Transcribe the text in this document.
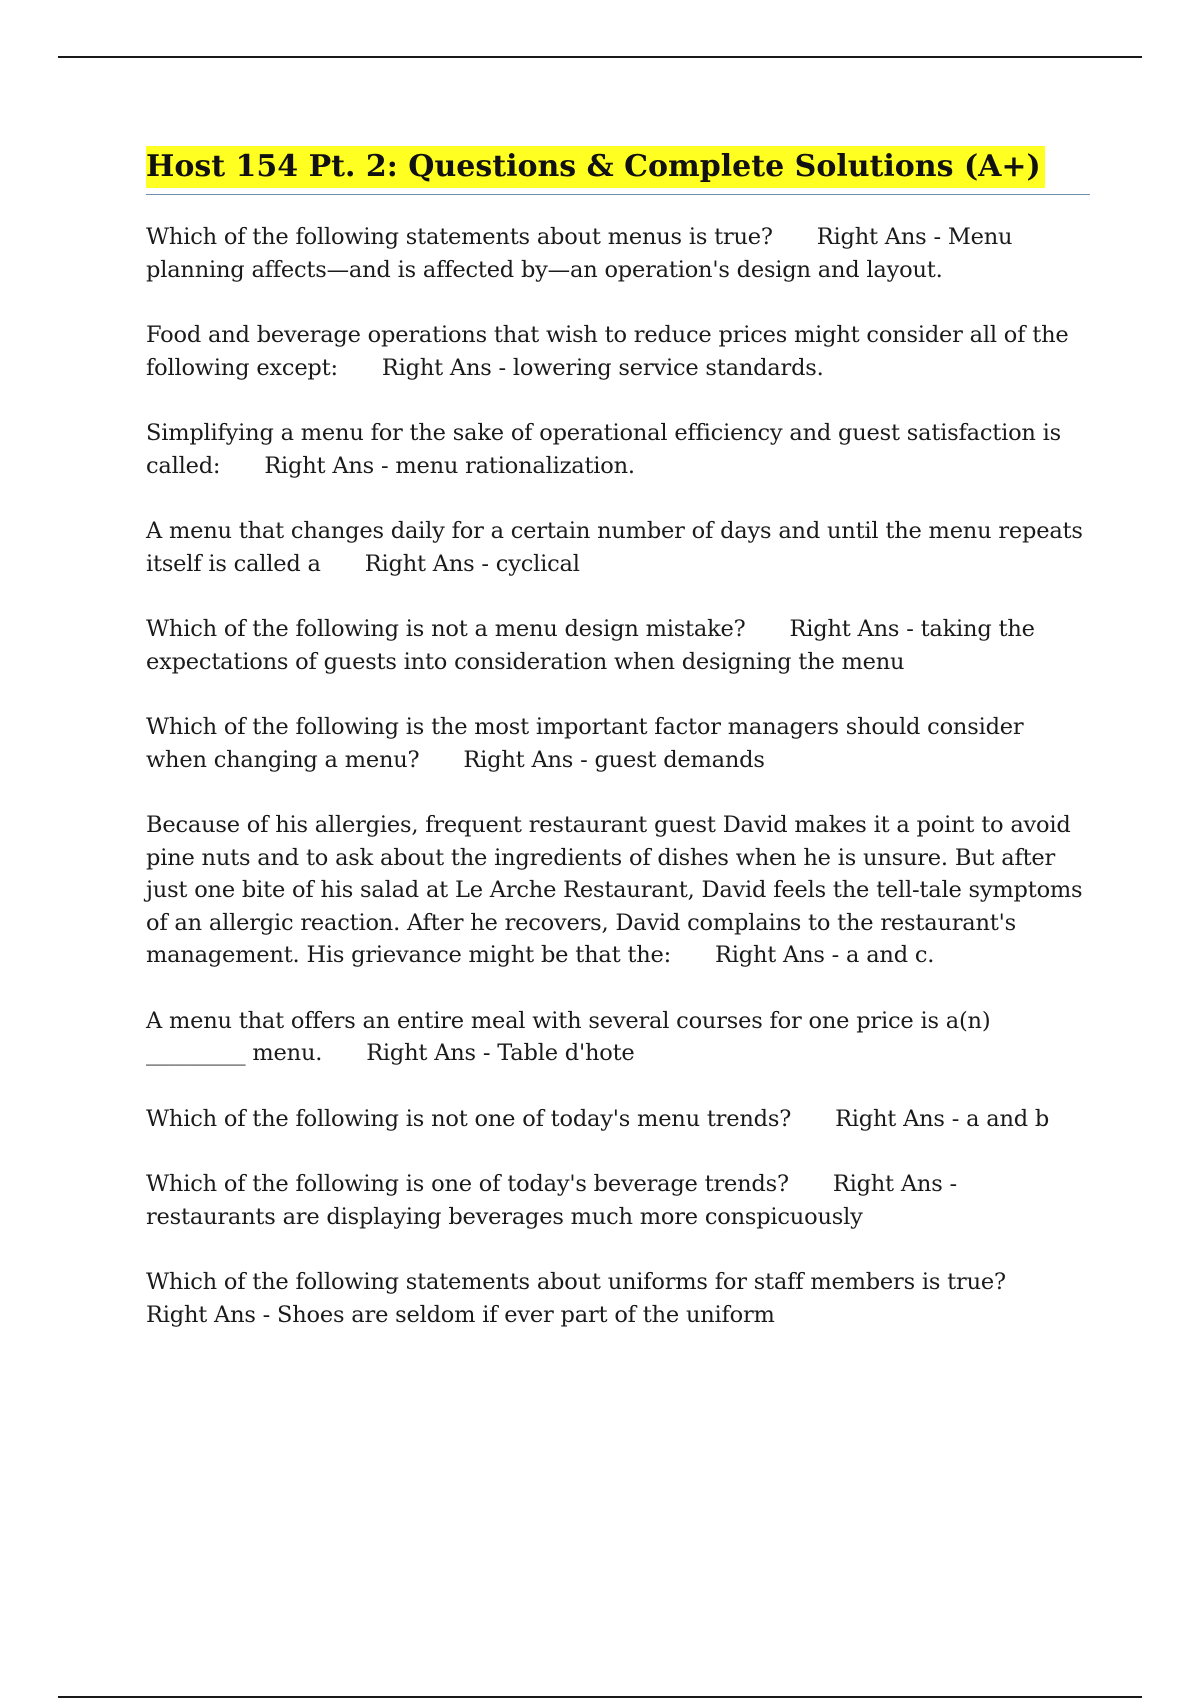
Host 154 Pt. 2: Questions & Complete Solutions (A+)
Which of the following statements about menus is true? Right Ans - Menu planning affects—and is affected by—an operation's design and layout.
Food and beverage operations that wish to reduce prices might consider all of the following except: Right Ans - lowering service standards.
Simplifying a menu for the sake of operational efficiency and guest satisfaction is called: Right Ans - menu rationalization.
A menu that changes daily for a certain number of days and until the menu repeats itself is called a Right Ans - cyclical
Which of the following is not a menu design mistake? Right Ans - taking the expectations of guests into consideration when designing the menu
Which of the following is the most important factor managers should consider when changing a menu? Right Ans - guest demands
Because of his allergies, frequent restaurant guest David makes it a point to avoid pine nuts and to ask about the ingredients of dishes when he is unsure. But after just one bite of his salad at Le Arche Restaurant, David feels the tell-tale symptoms of an allergic reaction. After he recovers, David complains to the restaurant's management. His grievance might be that the: Right Ans - a and c.
A menu that offers an entire meal with several courses for one price is a(n) _________ menu. Right Ans - Table d'hote
Which of the following is not one of today's menu trends? Right Ans - a and b
Which of the following is one of today's beverage trends? Right Ans - restaurants are displaying beverages much more conspicuously
Which of the following statements about uniforms for staff members is true?Right Ans - Shoes are seldom if ever part of the uniform
